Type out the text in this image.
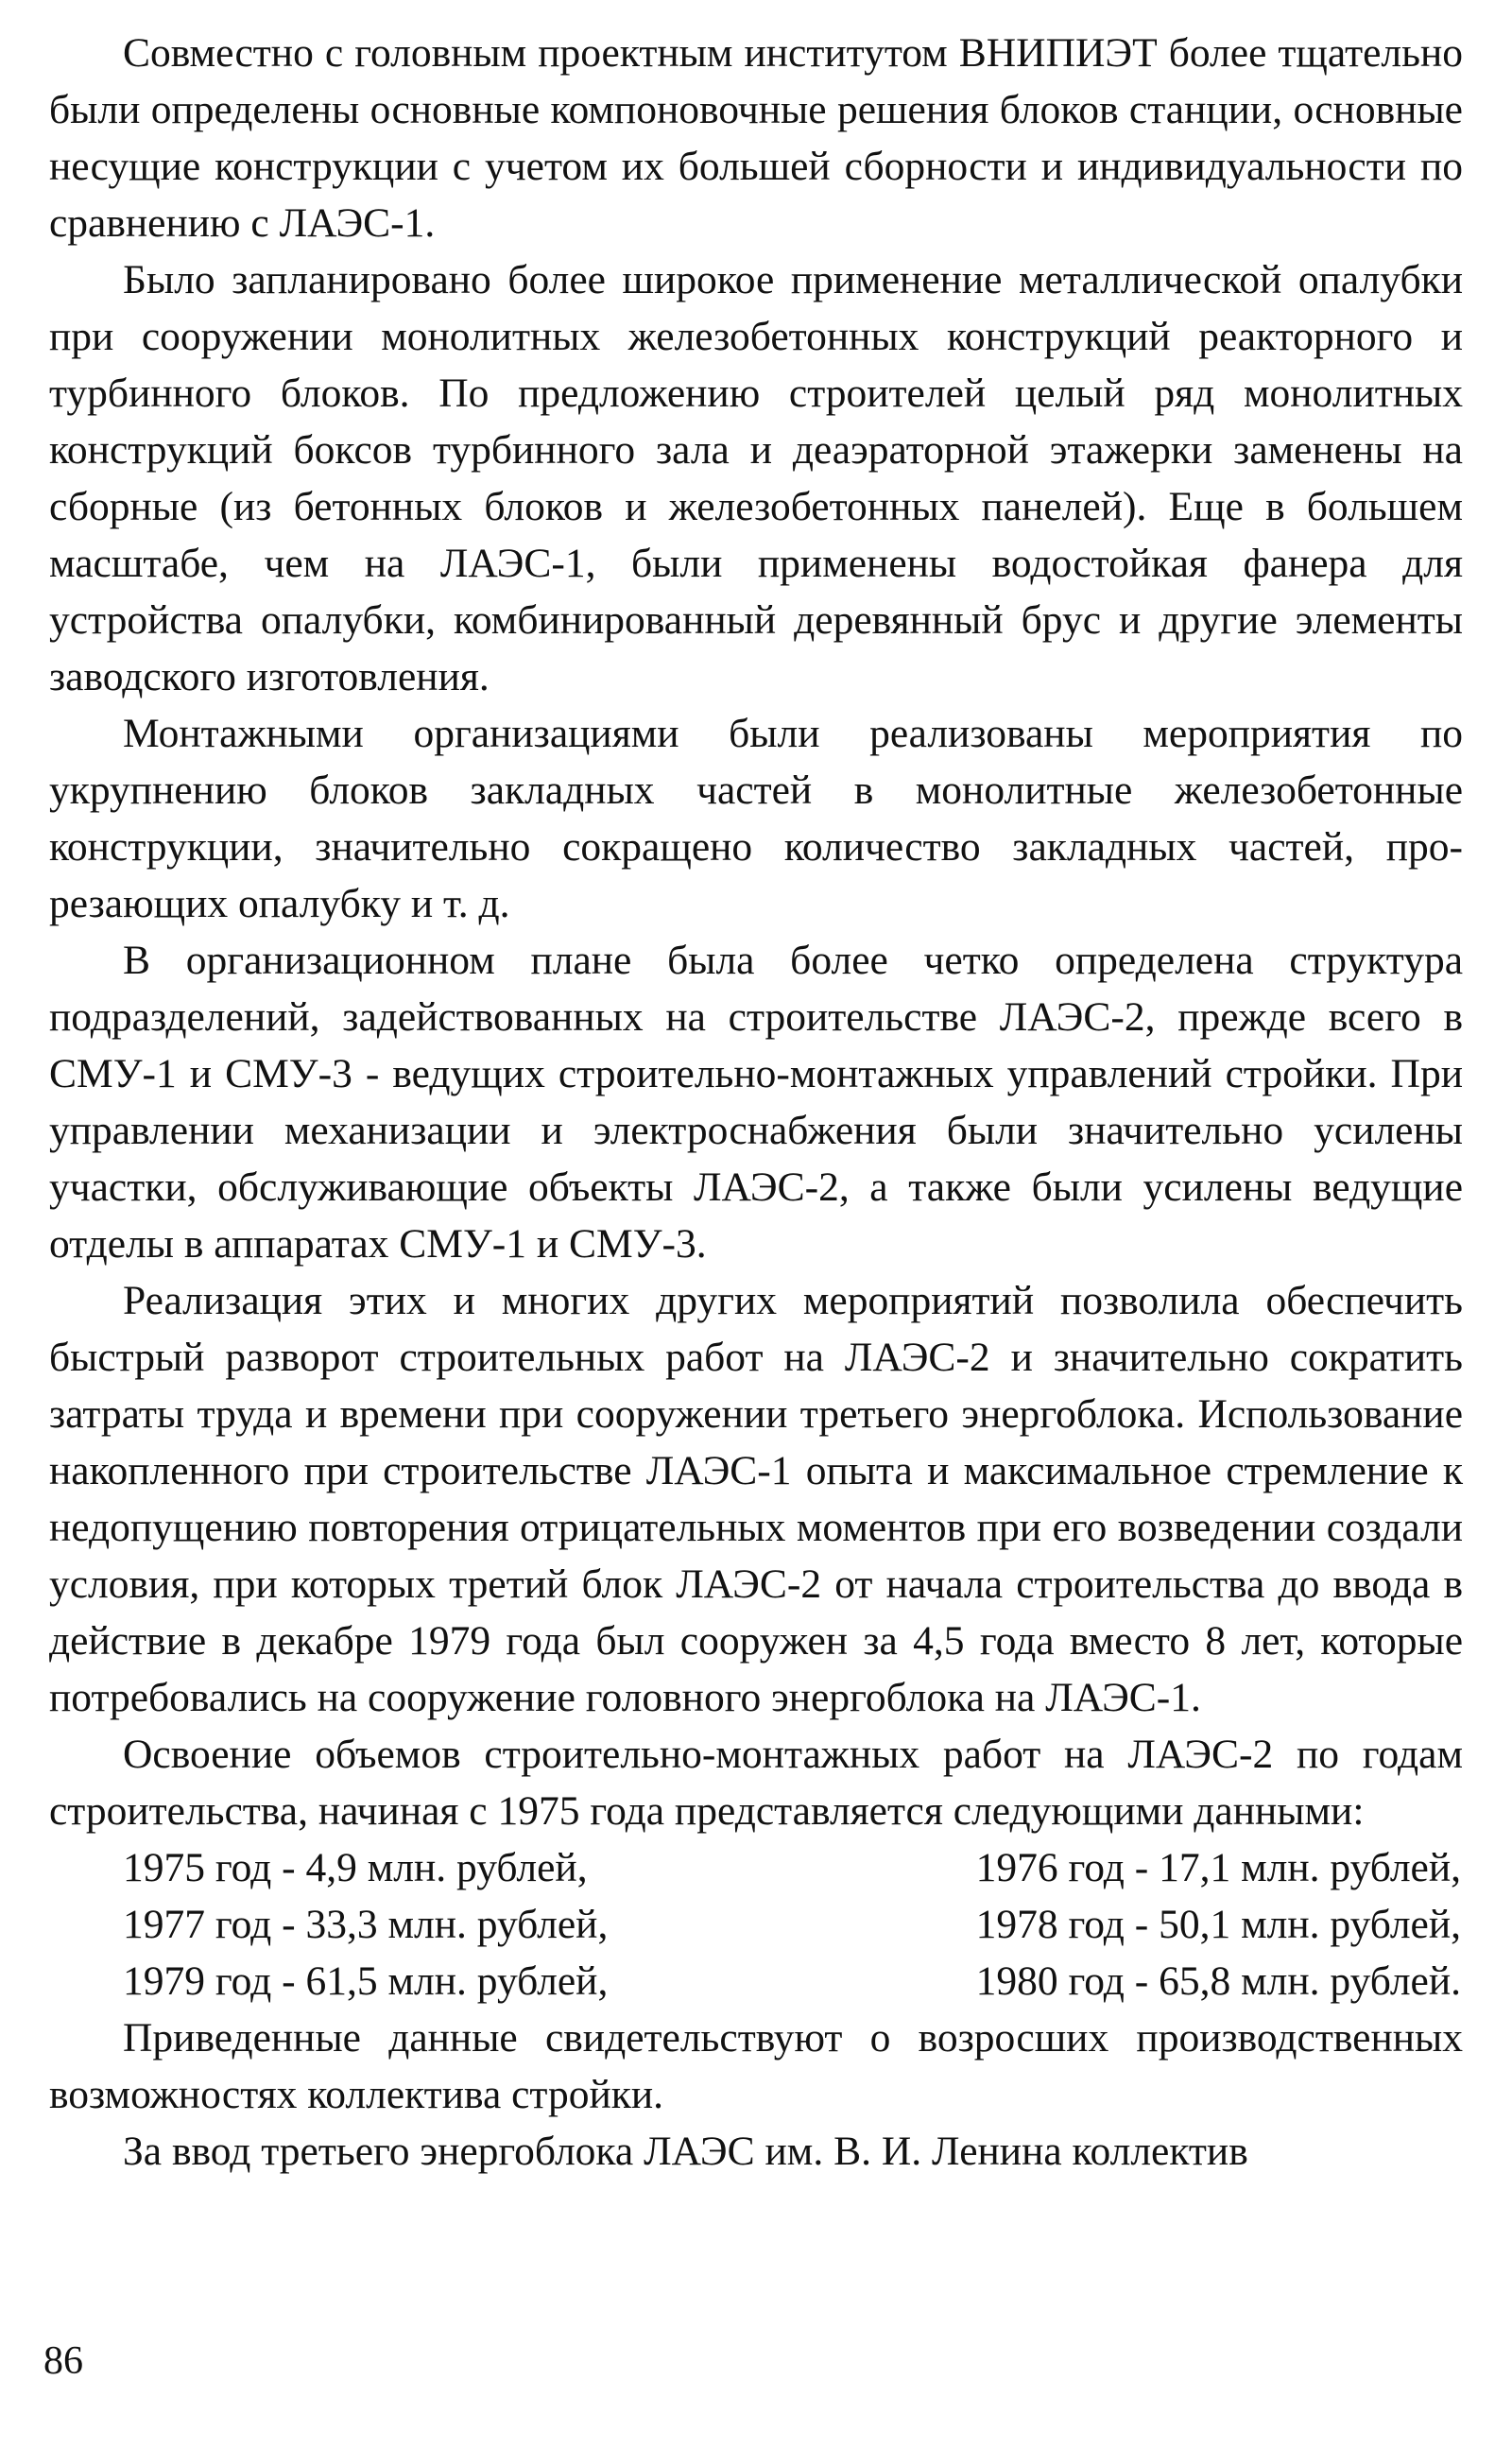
Совместно с головным проектным институтом ВНИПИЭТ более тщательно были определены основные компоновочные решения блоков станции, основные несущие конструкции с учетом их большей сборности и индивидуальности по сравнению с ЛАЭС-1.

Было запланировано более широкое применение металлической опалубки при сооружении монолитных железобетонных конструкций реакторного и турбинного блоков. По предложению строителей целый ряд монолитных конструкций боксов турбинного зала и деаэраторной этажерки заменены на сборные (из бетонных блоков и железобетонных панелей). Еще в большем масштабе, чем на ЛАЭС-1, были применены водостойкая фанера для устройства опалубки, комбинированный деревянный брус и другие элементы заводского изготовления.

Монтажными организациями были реализованы мероприятия по укрупнению блоков закладных частей в монолитные железобетонные конструкции, значительно сокращено количество закладных частей, прорезающих опалубку и т. д.

В организационном плане была более четко определена структура подразделений, задействованных на строительстве ЛАЭС-2, прежде всего в СМУ-1 и СМУ-3 - ведущих строительно-монтажных управлений стройки. При управлении механизации и электроснабжения были значительно усилены участки, обслуживающие объекты ЛАЭС-2, а также были усилены ведущие отделы в аппаратах СМУ-1 и СМУ-3.

Реализация этих и многих других мероприятий позволила обеспечить быстрый разворот строительных работ на ЛАЭС-2 и значительно сократить затраты труда и времени при сооружении третьего энергоблока. Использование накопленного при строительстве ЛАЭС-1 опыта и максимальное стремление к недопущению повторения отрицательных моментов при его возведении создали условия, при которых третий блок ЛАЭС-2 от начала строительства до ввода в действие в декабре 1979 года был сооружен за 4,5 года вместо 8 лет, которые потребовались на сооружение головного энергоблока на ЛАЭС-1.

Освоение объемов строительно-монтажных работ на ЛАЭС-2 по годам строительства, начиная с 1975 года представляется следующими данными:

1975 год - 4,9 млн. рублей,	1976 год - 17,1 млн. рублей,
1977 год - 33,3 млн. рублей,	1978 год - 50,1 млн. рублей,
1979 год - 61,5 млн. рублей,	1980 год - 65,8 млн. рублей.

Приведенные данные свидетельствуют о возросших производственных возможностях коллектива стройки.

За ввод третьего энергоблока ЛАЭС им. В. И. Ленина коллектив

86
